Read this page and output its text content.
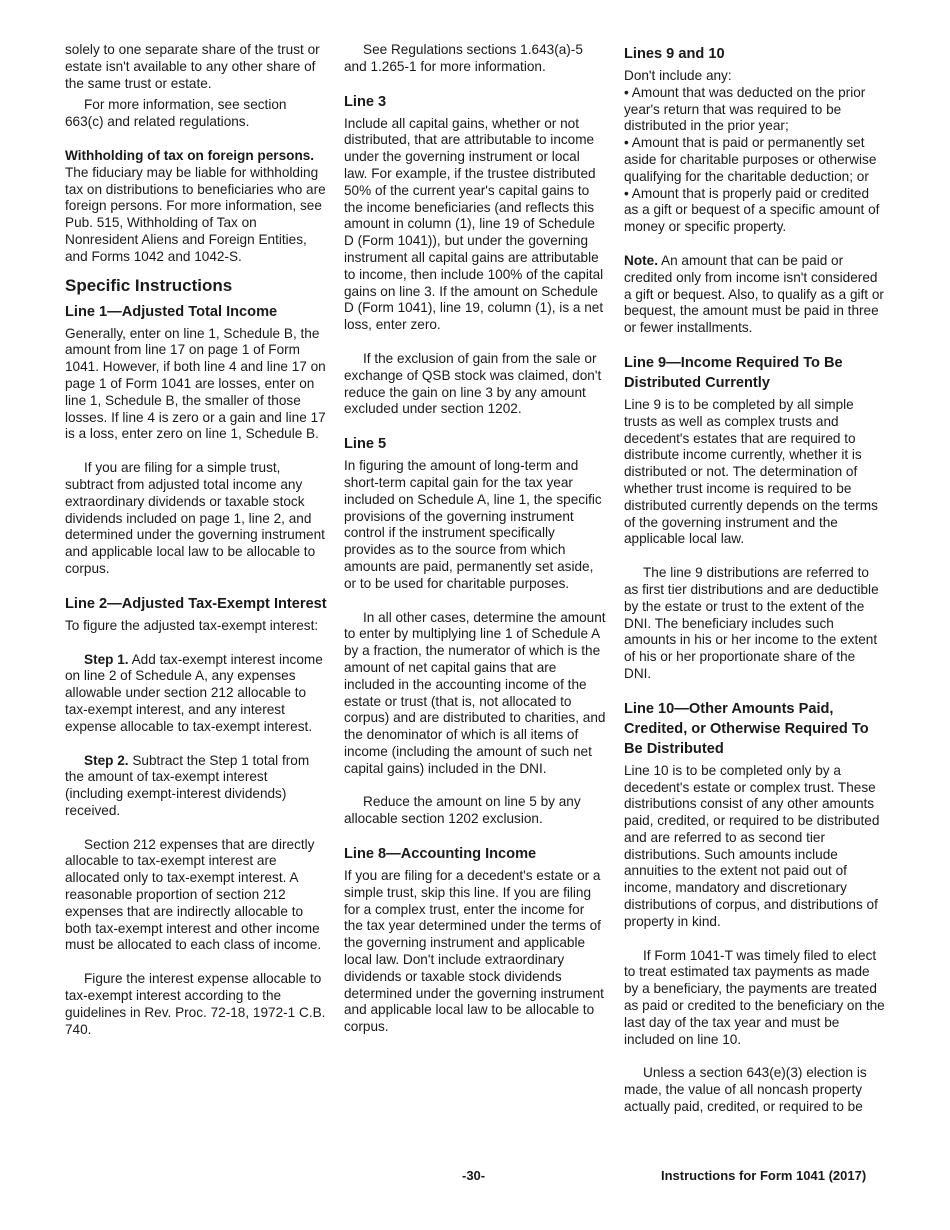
solely to one separate share of the trust or estate isn't available to any other share of the same trust or estate.

For more information, see section 663(c) and related regulations.

Withholding of tax on foreign persons. The fiduciary may be liable for withholding tax on distributions to beneficiaries who are foreign persons. For more information, see Pub. 515, Withholding of Tax on Nonresident Aliens and Foreign Entities, and Forms 1042 and 1042-S.

Specific Instructions
Line 1—Adjusted Total Income

Generally, enter on line 1, Schedule B, the amount from line 17 on page 1 of Form 1041. However, if both line 4 and line 17 on page 1 of Form 1041 are losses, enter on line 1, Schedule B, the smaller of those losses. If line 4 is zero or a gain and line 17 is a loss, enter zero on line 1, Schedule B.

If you are filing for a simple trust, subtract from adjusted total income any extraordinary dividends or taxable stock dividends included on page 1, line 2, and determined under the governing instrument and applicable local law to be allocable to corpus.

Line 2—Adjusted Tax-Exempt Interest

To figure the adjusted tax-exempt interest:

Step 1. Add tax-exempt interest income on line 2 of Schedule A, any expenses allowable under section 212 allocable to tax-exempt interest, and any interest expense allocable to tax-exempt interest.

Step 2. Subtract the Step 1 total from the amount of tax-exempt interest (including exempt-interest dividends) received.

Section 212 expenses that are directly allocable to tax-exempt interest are allocated only to tax-exempt interest. A reasonable proportion of section 212 expenses that are indirectly allocable to both tax-exempt interest and other income must be allocated to each class of income.

Figure the interest expense allocable to tax-exempt interest according to the guidelines in Rev. Proc. 72-18, 1972-1 C.B. 740.

See Regulations sections 1.643(a)-5 and 1.265-1 for more information.

Line 3

Include all capital gains, whether or not distributed, that are attributable to income under the governing instrument or local law. For example, if the trustee distributed 50% of the current year's capital gains to the income beneficiaries (and reflects this amount in column (1), line 19 of Schedule D (Form 1041)), but under the governing instrument all capital gains are attributable to income, then include 100% of the capital gains on line 3. If the amount on Schedule D (Form 1041), line 19, column (1), is a net loss, enter zero.

If the exclusion of gain from the sale or exchange of QSB stock was claimed, don't reduce the gain on line 3 by any amount excluded under section 1202.

Line 5

In figuring the amount of long-term and short-term capital gain for the tax year included on Schedule A, line 1, the specific provisions of the governing instrument control if the instrument specifically provides as to the source from which amounts are paid, permanently set aside, or to be used for charitable purposes.

In all other cases, determine the amount to enter by multiplying line 1 of Schedule A by a fraction, the numerator of which is the amount of net capital gains that are included in the accounting income of the estate or trust (that is, not allocated to corpus) and are distributed to charities, and the denominator of which is all items of income (including the amount of such net capital gains) included in the DNI.

Reduce the amount on line 5 by any allocable section 1202 exclusion.

Line 8—Accounting Income

If you are filing for a decedent's estate or a simple trust, skip this line. If you are filing for a complex trust, enter the income for the tax year determined under the terms of the governing instrument and applicable local law. Don't include extraordinary dividends or taxable stock dividends determined under the governing instrument and applicable local law to be allocable to corpus.

Lines 9 and 10

Don't include any:

• Amount that was deducted on the prior year's return that was required to be distributed in the prior year;

• Amount that is paid or permanently set aside for charitable purposes or otherwise qualifying for the charitable deduction; or

• Amount that is properly paid or credited as a gift or bequest of a specific amount of money or specific property.

Note. An amount that can be paid or credited only from income isn't considered a gift or bequest. Also, to qualify as a gift or bequest, the amount must be paid in three or fewer installments.

Line 9—Income Required To Be Distributed Currently

Line 9 is to be completed by all simple trusts as well as complex trusts and decedent's estates that are required to distribute income currently, whether it is distributed or not. The determination of whether trust income is required to be distributed currently depends on the terms of the governing instrument and the applicable local law.

The line 9 distributions are referred to as first tier distributions and are deductible by the estate or trust to the extent of the DNI. The beneficiary includes such amounts in his or her income to the extent of his or her proportionate share of the DNI.

Line 10—Other Amounts Paid, Credited, or Otherwise Required To Be Distributed

Line 10 is to be completed only by a decedent's estate or complex trust. These distributions consist of any other amounts paid, credited, or required to be distributed and are referred to as second tier distributions. Such amounts include annuities to the extent not paid out of income, mandatory and discretionary distributions of corpus, and distributions of property in kind.

If Form 1041-T was timely filed to elect to treat estimated tax payments as made by a beneficiary, the payments are treated as paid or credited to the beneficiary on the last day of the tax year and must be included on line 10.

Unless a section 643(e)(3) election is made, the value of all noncash property actually paid, credited, or required to be

-30-	Instructions for Form 1041 (2017)
